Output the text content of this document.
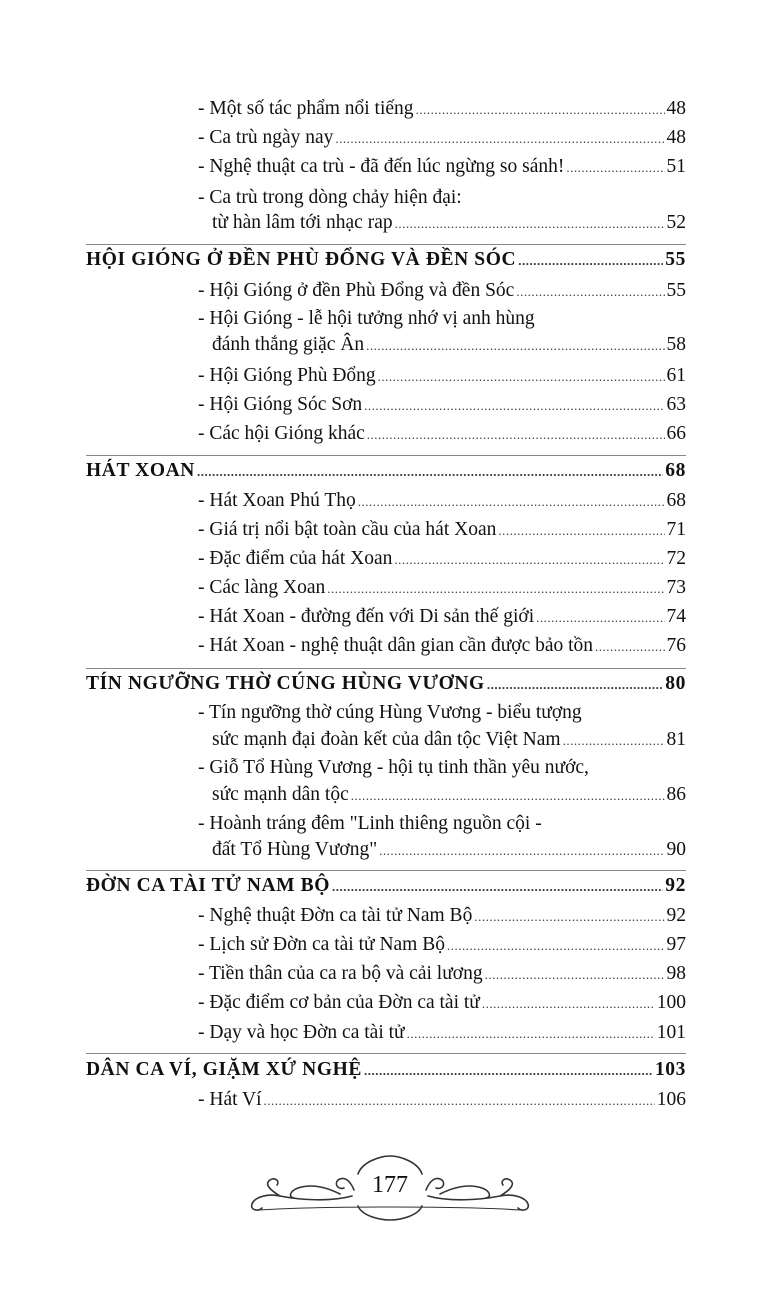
- Một số tác phẩm nổi tiếng .....	48
- Ca trù ngày nay .....	48
- Nghệ thuật ca trù - đã đến lúc ngừng so sánh! .....	51
- Ca trù trong dòng chảy hiện đại:
từ hàn lâm tới nhạc rap .....	52
HỘI GIÓNG Ở ĐỀN PHÙ ĐỔNG VÀ ĐỀN SÓC .....	55
- Hội Gióng ở đền Phù Đổng và đền Sóc .....	55
- Hội Gióng - lễ hội tưởng nhớ vị anh hùng
đánh thắng giặc Ân .....	58
- Hội Gióng Phù Đổng .....	61
- Hội Gióng Sóc Sơn .....	63
- Các hội Gióng khác .....	66
HÁT XOAN .....	68
- Hát Xoan Phú Thọ .....	68
- Giá trị nổi bật toàn cầu của hát Xoan .....	71
- Đặc điểm của hát Xoan .....	72
- Các làng Xoan .....	73
- Hát Xoan - đường đến với Di sản thế giới .....	74
- Hát Xoan - nghệ thuật dân gian cần được bảo tồn .....	76
TÍN NGƯỠNG THỜ CÚNG HÙNG VƯƠNG .....	80
- Tín ngưỡng thờ cúng Hùng Vương - biểu tượng
sức mạnh đại đoàn kết của dân tộc Việt Nam .....	81
- Giỗ Tổ Hùng Vương - hội tụ tinh thần yêu nước,
sức mạnh dân tộc .....	86
- Hoành tráng đêm "Linh thiêng nguồn cội -
đất Tổ Hùng Vương" .....	90
ĐỜN CA TÀI TỬ NAM BỘ .....	92
- Nghệ thuật Đờn ca tài tử Nam Bộ .....	92
- Lịch sử Đờn ca tài tử Nam Bộ .....	97
- Tiền thân của ca ra bộ và cải lương .....	98
- Đặc điểm cơ bản của Đờn ca tài tử .....	100
- Dạy và học Đờn ca tài tử .....	101
DÂN CA VÍ, GIẶM XỨ NGHỆ .....	103
- Hát Ví .....	106
177
